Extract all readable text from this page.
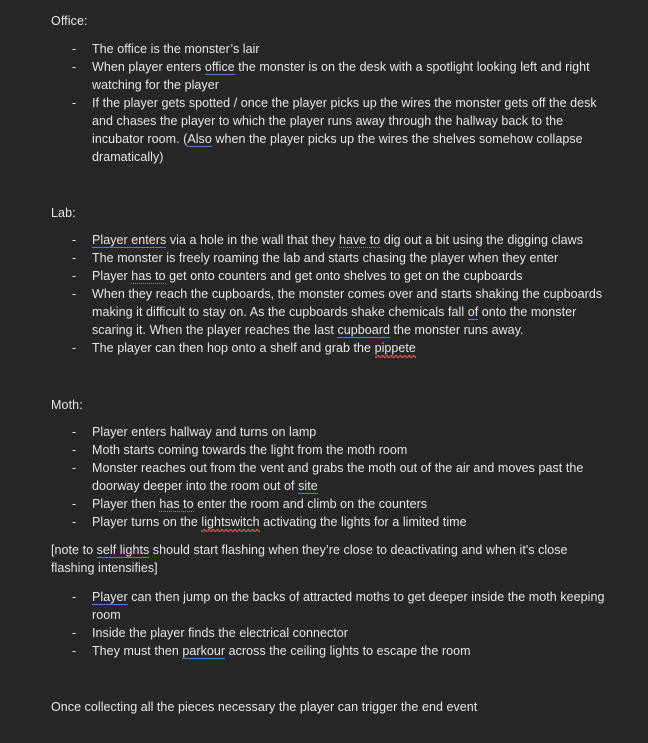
Office:
- The office is the monster’s lair
- When player enters office the monster is on the desk with a spotlight looking left and right watching for the player
- If the player gets spotted / once the player picks up the wires the monster gets off the desk and chases the player to which the player runs away through the hallway back to the incubator room. (Also when the player picks up the wires the shelves somehow collapse dramatically)
Lab:
- Player enters via a hole in the wall that they have to dig out a bit using the digging claws
- The monster is freely roaming the lab and starts chasing the player when they enter
- Player has to get onto counters and get onto shelves to get on the cupboards
- When they reach the cupboards, the monster comes over and starts shaking the cupboards making it difficult to stay on. As the cupboards shake chemicals fall of onto the monster scaring it. When the player reaches the last cupboard the monster runs away.
- The player can then hop onto a shelf and grab the pippete
Moth:
- Player enters hallway and turns on lamp
- Moth starts coming towards the light from the moth room
- Monster reaches out from the vent and grabs the moth out of the air and moves past the doorway deeper into the room out of site
- Player then has to enter the room and climb on the counters
- Player turns on the lightswitch activating the lights for a limited time
[note to self lights should start flashing when they’re close to deactivating and when it's close flashing intensifies]
- Player can then jump on the backs of attracted moths to get deeper inside the moth keeping room
- Inside the player finds the electrical connector
- They must then parkour across the ceiling lights to escape the room
Once collecting all the pieces necessary the player can trigger the end event
